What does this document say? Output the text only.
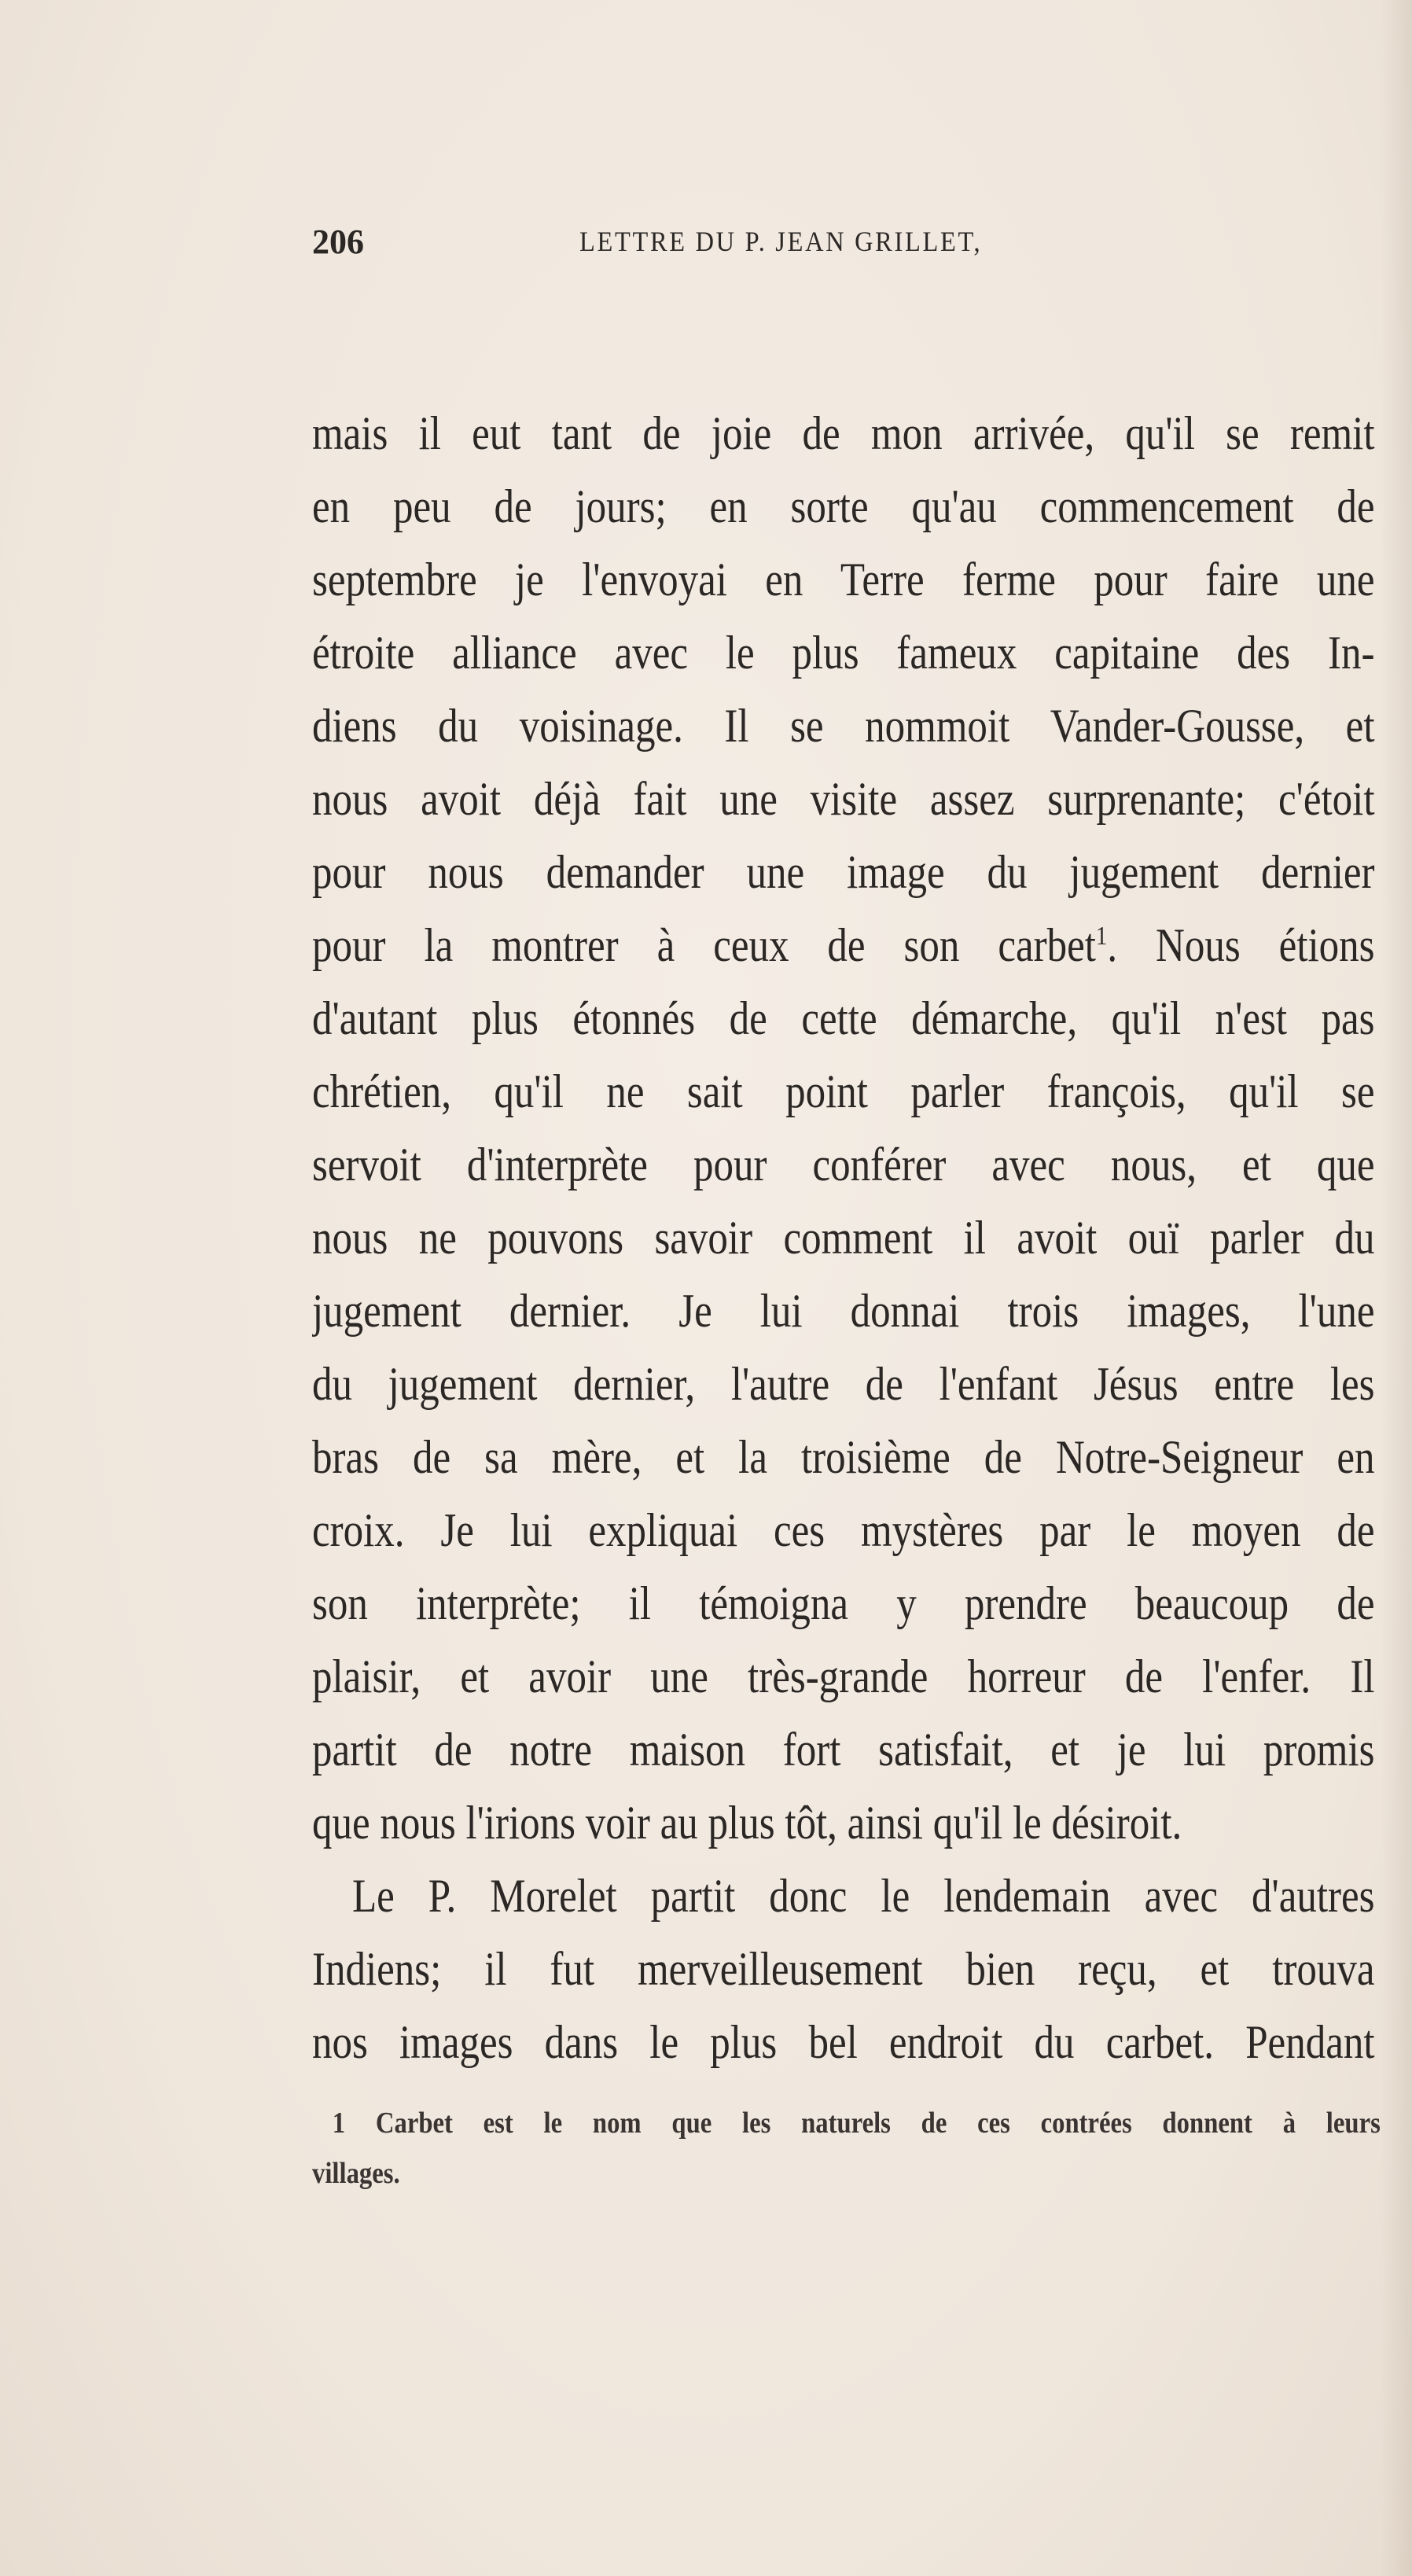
206	LETTRE DU P. JEAN GRILLET,
mais il eut tant de joie de mon arrivée, qu'il se remit
en peu de jours; en sorte qu'au commencement de
septembre je l'envoyai en Terre ferme pour faire une
étroite alliance avec le plus fameux capitaine des In-
diens du voisinage. Il se nommoit Vander-Gousse, et
nous avoit déjà fait une visite assez surprenante; c'étoit
pour nous demander une image du jugement dernier
pour la montrer à ceux de son carbet$^1$. Nous étions
d'autant plus étonnés de cette démarche, qu'il n'est pas
chrétien, qu'il ne sait point parler françois, qu'il se
servoit d'interprète pour conférer avec nous, et que
nous ne pouvons savoir comment il avoit ouï parler du
jugement dernier. Je lui donnai trois images, l'une
du jugement dernier, l'autre de l'enfant Jésus entre les
bras de sa mère, et la troisième de Notre-Seigneur en
croix. Je lui expliquai ces mystères par le moyen de
son interprète; il témoigna y prendre beaucoup de
plaisir, et avoir une très-grande horreur de l'enfer. Il
partit de notre maison fort satisfait, et je lui promis
que nous l'irions voir au plus tôt, ainsi qu'il le désiroit.
Le P. Morelet partit donc le lendemain avec d'autres
Indiens; il fut merveilleusement bien reçu, et trouva
nos images dans le plus bel endroit du carbet. Pendant
1 Carbet est le nom que les naturels de ces contrées donnent à leurs
villages.
